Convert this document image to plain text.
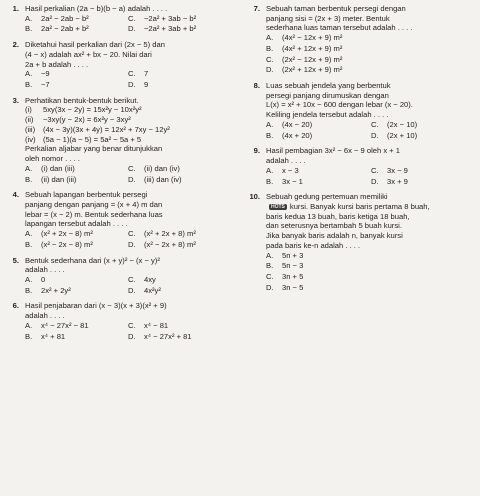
1. Hasil perkalian (2a − b)(b − a) adalah . . . .
A.	2a² − 2ab − b²	C.	−2a² + 3ab − b²
B.	2a² − 2ab + b²	D.	−2a² + 3ab + b²
2. Diketahui hasil perkalian dari (2x − 5) dan
(4 − x) adalah ax² + bx − 20. Nilai dari
2a + b adalah . . . .
A.	−9	C.	7
B.	−7	D.	9
3. Perhatikan bentuk-bentuk berikut.
(i)	5xy(3x − 2y) = 15x²y − 10x²y²
(ii)	−3xy(y − 2x) = 6x²y − 3xy²
(iii)	(4x − 3y)(3x + 4y) = 12x² + 7xy − 12y²
(iv) (5a − 1)(a − 5) = 5a² − 5a + 5
Perkalian aljabar yang benar ditunjukkan
oleh nomor . . . .
A.	(i) dan (iii)	C.	(ii) dan (iv)
B.	(ii) dan (iii)	D.	(iii) dan (iv)
4. Sebuah lapangan berbentuk persegi
panjang dengan panjang = (x + 4) m dan
lebar = (x − 2) m. Bentuk sederhana luas
lapangan tersebut adalah . . . .
A.	(x² + 2x − 8) m²	C.	(x² + 2x + 8) m²
B.	(x² − 2x − 8) m²	D.	(x² − 2x + 8) m²
5. Bentuk sederhana dari (x + y)² − (x − y)²
adalah . . . .
A.	0	C.	4xy
B.	2x² + 2y²	D.	4x²y²
6. Hasil penjabaran dari (x − 3)(x + 3)(x² + 9)
adalah . . . .
A.	x⁴ − 27x² − 81	C.	x⁴ − 81
B.	x⁴ + 81	D.	x⁴ − 27x² + 81
7. Sebuah taman berbentuk persegi dengan
panjang sisi = (2x + 3) meter. Bentuk
sederhana luas taman tersebut adalah . . . .
A.	(4x² − 12x + 9) m²
B.	(4x² + 12x + 9) m²
C.	(2x² − 12x + 9) m²
D.	(2x² + 12x + 9) m²
8. Luas sebuah jendela yang berbentuk
persegi panjang dirumuskan dengan
L(x) = x² + 10x − 600 dengan lebar (x − 20).
Keliling jendela tersebut adalah . . . .
A.	(4x − 20)	C.	(2x − 10)
B.	(4x + 20)	D.	(2x + 10)
9. Hasil pembagian 3x² − 6x − 9 oleh x + 1
adalah . . . .
A.	x − 3	C.	3x − 9
B.	3x − 1	D.	3x + 9
10. Sebuah gedung pertemuan memiliki
HOTS kursi. Banyak kursi baris pertama 8 buah,
baris kedua 13 buah, baris ketiga 18 buah,
dan seterusnya bertambah 5 buah kursi.
Jika banyak baris adalah n, banyak kursi
pada baris ke-n adalah . . . .
A.	5n + 3
B.	5n − 3
C.	3n + 5
D.	3n − 5
